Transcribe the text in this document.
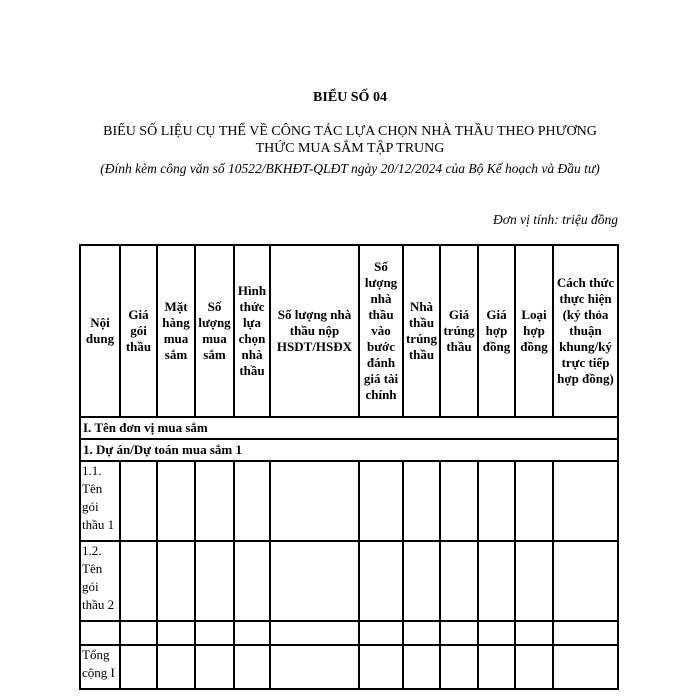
BIỂU SỐ 04
BIỂU SỐ LIỆU CỤ THỂ VỀ CÔNG TÁC LỰA CHỌN NHÀ THẦU THEO PHƯƠNG
THỨC MUA SẮM TẬP TRUNG
(Đính kèm công văn số 10522/BKHĐT-QLĐT ngày 20/12/2024 của Bộ Kế hoạch và Đầu tư)
Đơn vị tính: triệu đồng
Nội dung	Giá gói thầu	Mặt hàng mua sắm	Số lượng mua sắm	Hình thức lựa chọn nhà thầu	Số lượng nhà thầu nộp HSDT/HSĐX	Số lượng nhà thầu vào bước đánh giá tài chính	Nhà thầu trúng thầu	Giá trúng thầu	Giá hợp đồng	Loại hợp đồng	Cách thức thực hiện (ký thỏa thuận khung/ký trực tiếp hợp đồng)
I. Tên đơn vị mua sắm											
1. Dự án/Dự toán mua sắm 1											
1.1. Tên gói thầu 1											
1.2. Tên gói thầu 2											

Tổng cộng I											
